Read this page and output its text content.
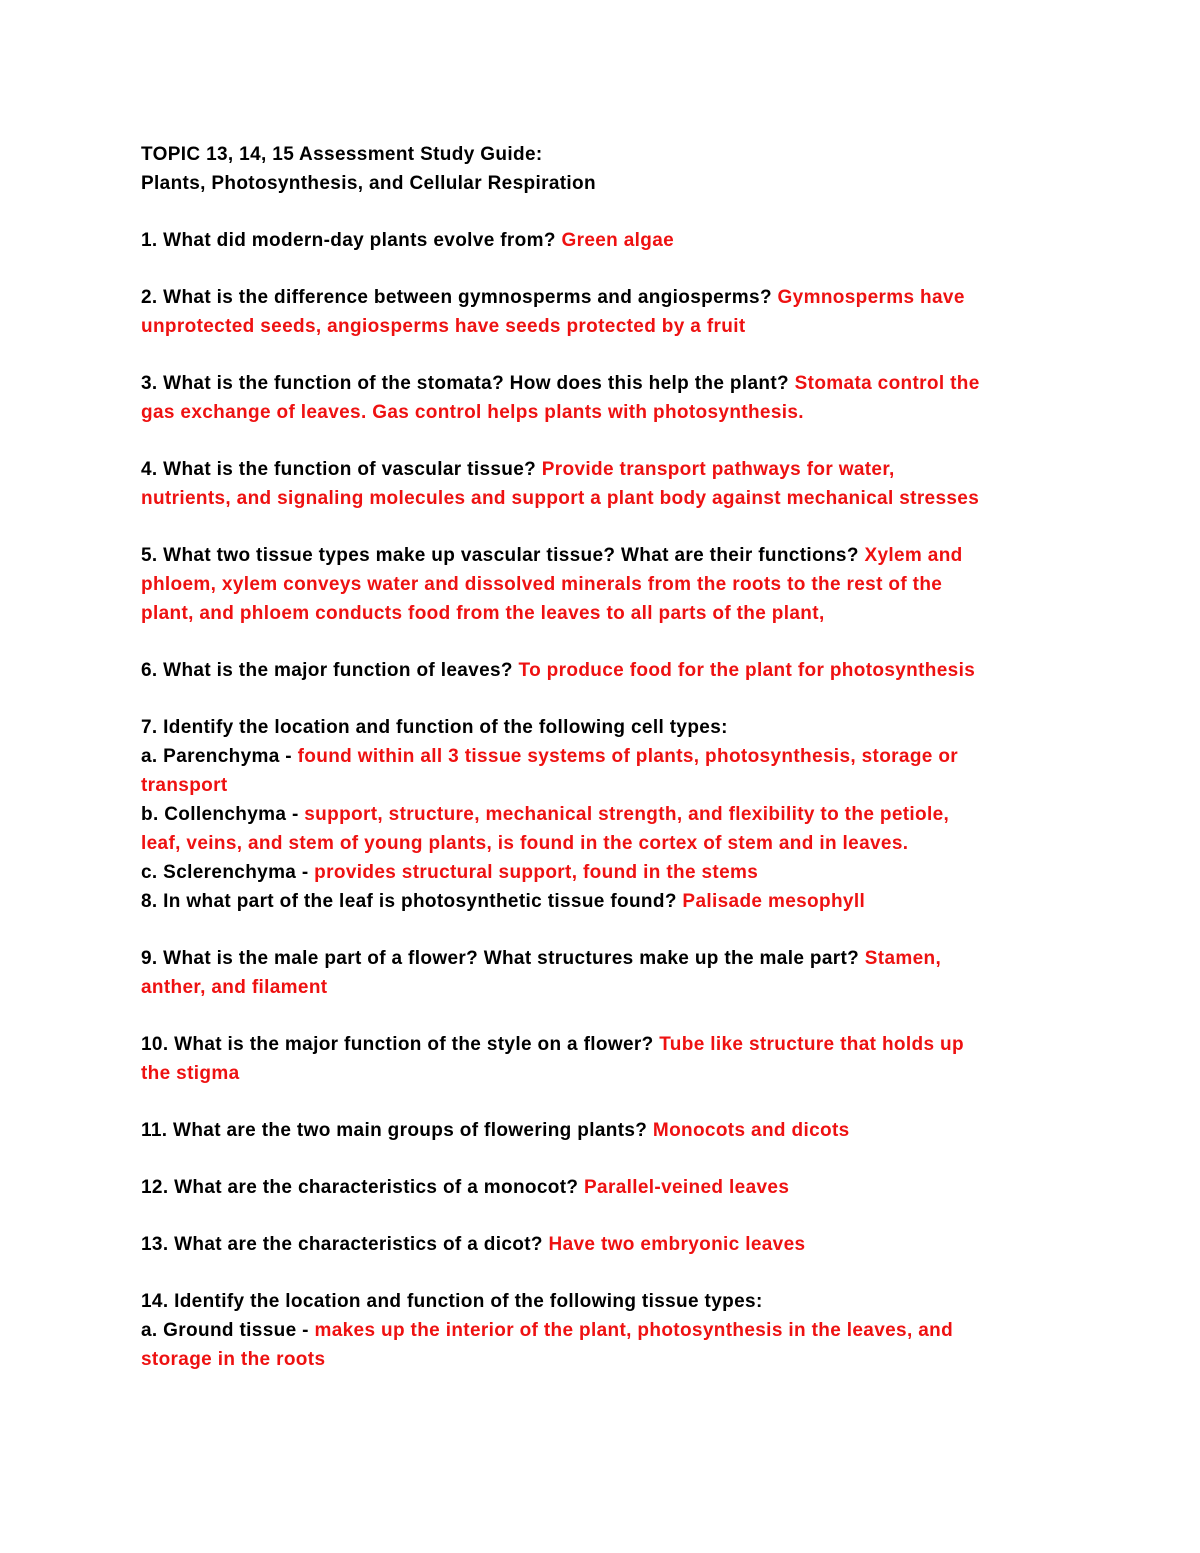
TOPIC 13, 14, 15 Assessment Study Guide:
Plants, Photosynthesis, and Cellular Respiration
1. What did modern-day plants evolve from? Green algae
2. What is the difference between gymnosperms and angiosperms? Gymnosperms have
unprotected seeds, angiosperms have seeds protected by a fruit
3. What is the function of the stomata? How does this help the plant? Stomata control the
gas exchange of leaves. Gas control helps plants with photosynthesis.
4. What is the function of vascular tissue? Provide transport pathways for water,
nutrients, and signaling molecules and support a plant body against mechanical stresses
5. What two tissue types make up vascular tissue? What are their functions? Xylem and
phloem, xylem conveys water and dissolved minerals from the roots to the rest of the
plant, and phloem conducts food from the leaves to all parts of the plant,
6. What is the major function of leaves? To produce food for the plant for photosynthesis
7. Identify the location and function of the following cell types:
a. Parenchyma - found within all 3 tissue systems of plants, photosynthesis, storage or
transport
b. Collenchyma - support, structure, mechanical strength, and flexibility to the petiole,
leaf, veins, and stem of young plants, is found in the cortex of stem and in leaves.
c. Sclerenchyma - provides structural support, found in the stems
8. In what part of the leaf is photosynthetic tissue found? Palisade mesophyll
9. What is the male part of a flower? What structures make up the male part? Stamen,
anther, and filament
10. What is the major function of the style on a flower? Tube like structure that holds up
the stigma
11. What are the two main groups of flowering plants? Monocots and dicots
12. What are the characteristics of a monocot? Parallel-veined leaves
13. What are the characteristics of a dicot? Have two embryonic leaves
14. Identify the location and function of the following tissue types:
a. Ground tissue - makes up the interior of the plant, photosynthesis in the leaves, and
storage in the roots
